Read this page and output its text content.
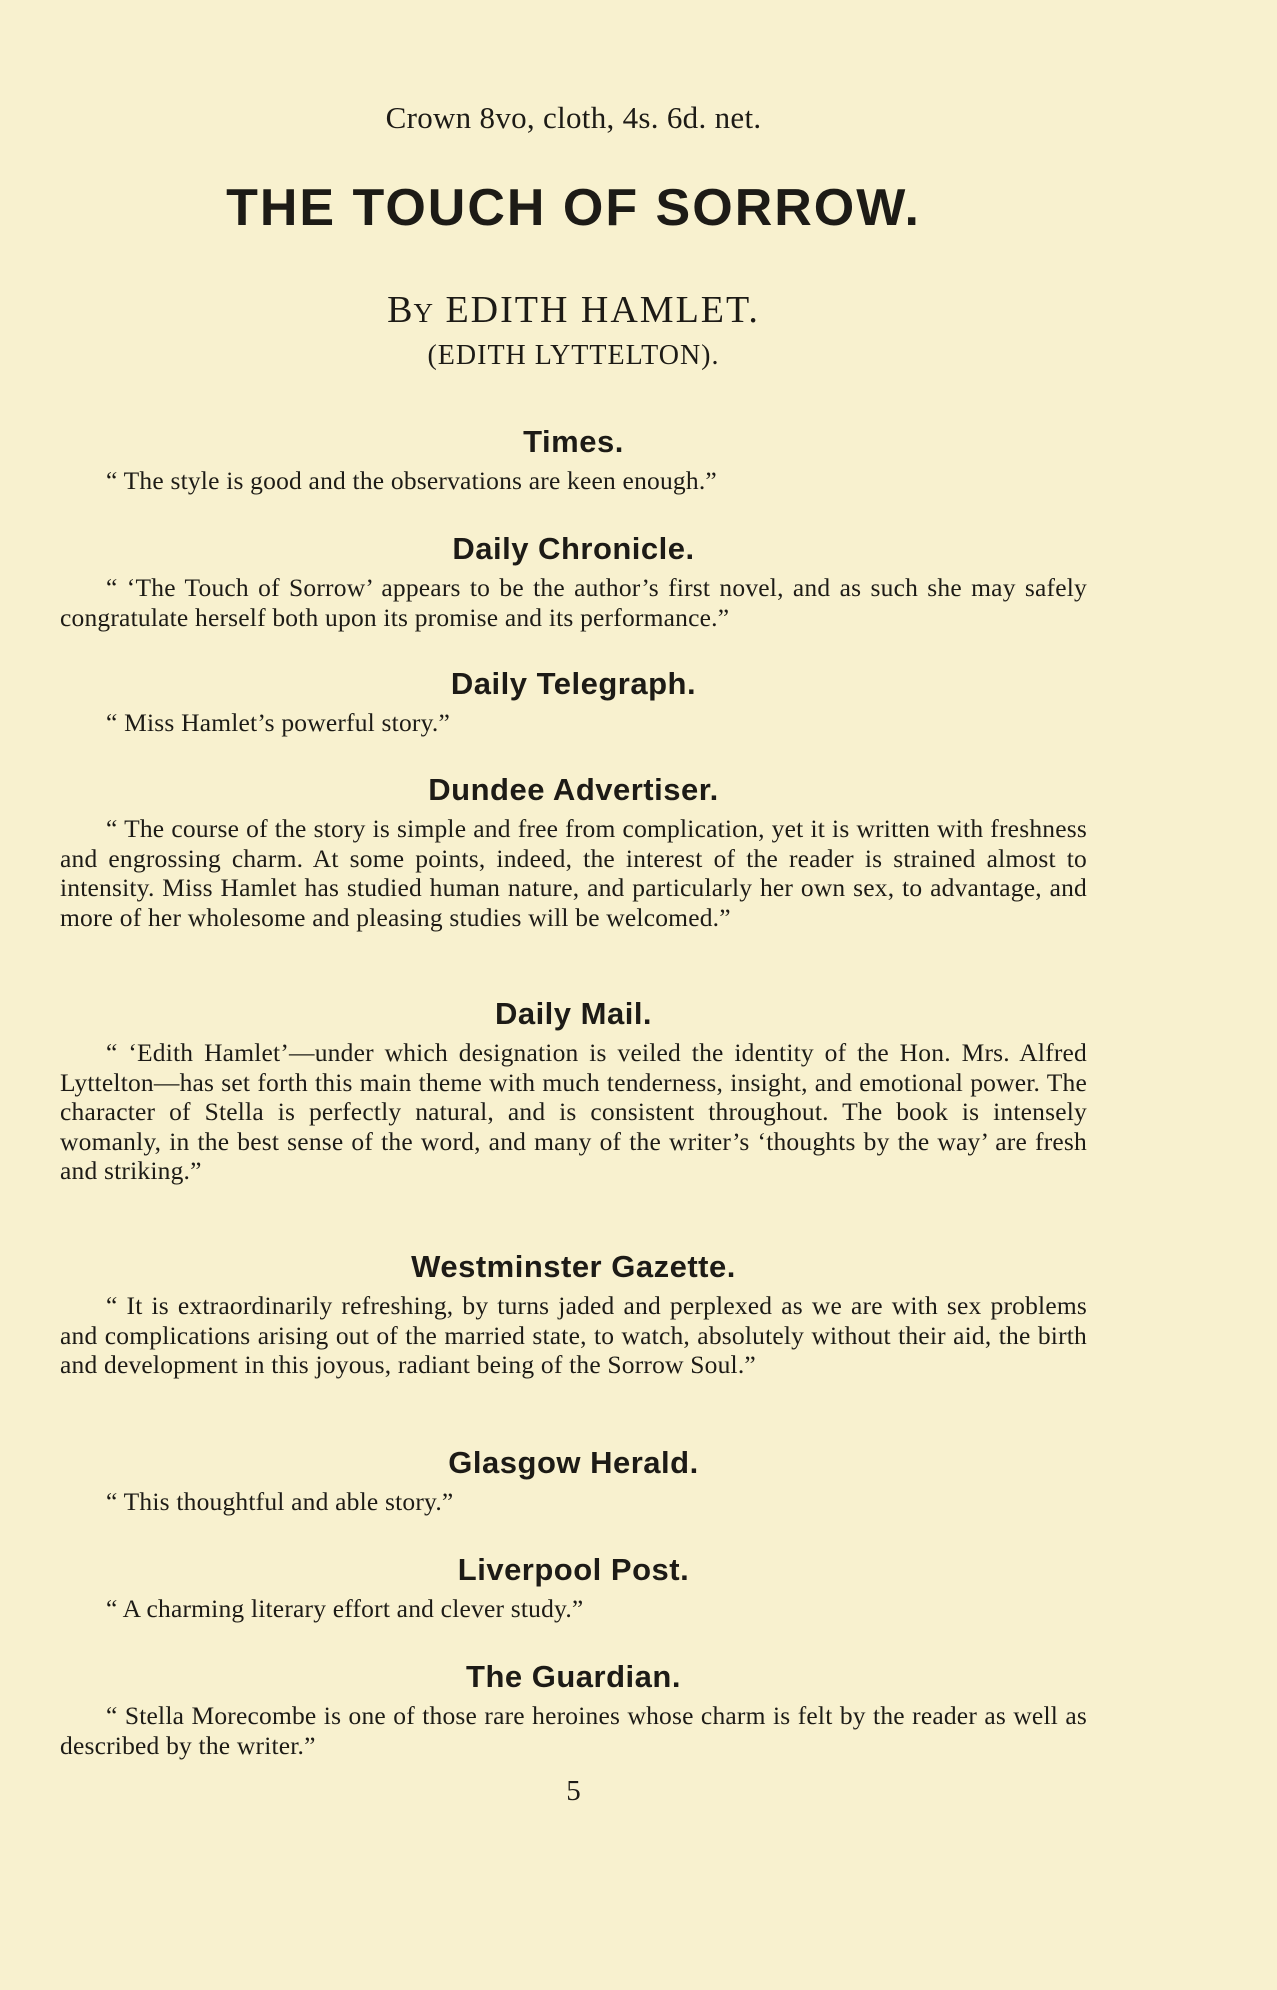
Crown 8vo, cloth, 4s. 6d. net.
THE TOUCH OF SORROW.
By EDITH HAMLET.
(EDITH LYTTELTON).
Times.
“ The style is good and the observations are keen enough.”
Daily Chronicle.
“ ‘The Touch of Sorrow’ appears to be the author’s first novel, and as such she may safely congratulate herself both upon its promise and its performance.”
Daily Telegraph.
“ Miss Hamlet’s powerful story.”
Dundee Advertiser.
“ The course of the story is simple and free from complication, yet it is written with freshness and engrossing charm. At some points, indeed, the interest of the reader is strained almost to intensity. Miss Hamlet has studied human nature, and particularly her own sex, to advantage, and more of her wholesome and pleasing studies will be welcomed.”
Daily Mail.
“ ‘Edith Hamlet’—under which designation is veiled the identity of the Hon. Mrs. Alfred Lyttelton—has set forth this main theme with much tenderness, insight, and emotional power. The character of Stella is perfectly natural, and is consistent throughout. The book is intensely womanly, in the best sense of the word, and many of the writer’s ‘thoughts by the way’ are fresh and striking.”
Westminster Gazette.
“ It is extraordinarily refreshing, by turns jaded and perplexed as we are with sex problems and complications arising out of the married state, to watch, absolutely without their aid, the birth and development in this joyous, radiant being of the Sorrow Soul.”
Glasgow Herald.
“ This thoughtful and able story.”
Liverpool Post.
“ A charming literary effort and clever study.”
The Guardian.
“ Stella Morecombe is one of those rare heroines whose charm is felt by the reader as well as described by the writer.”
5
